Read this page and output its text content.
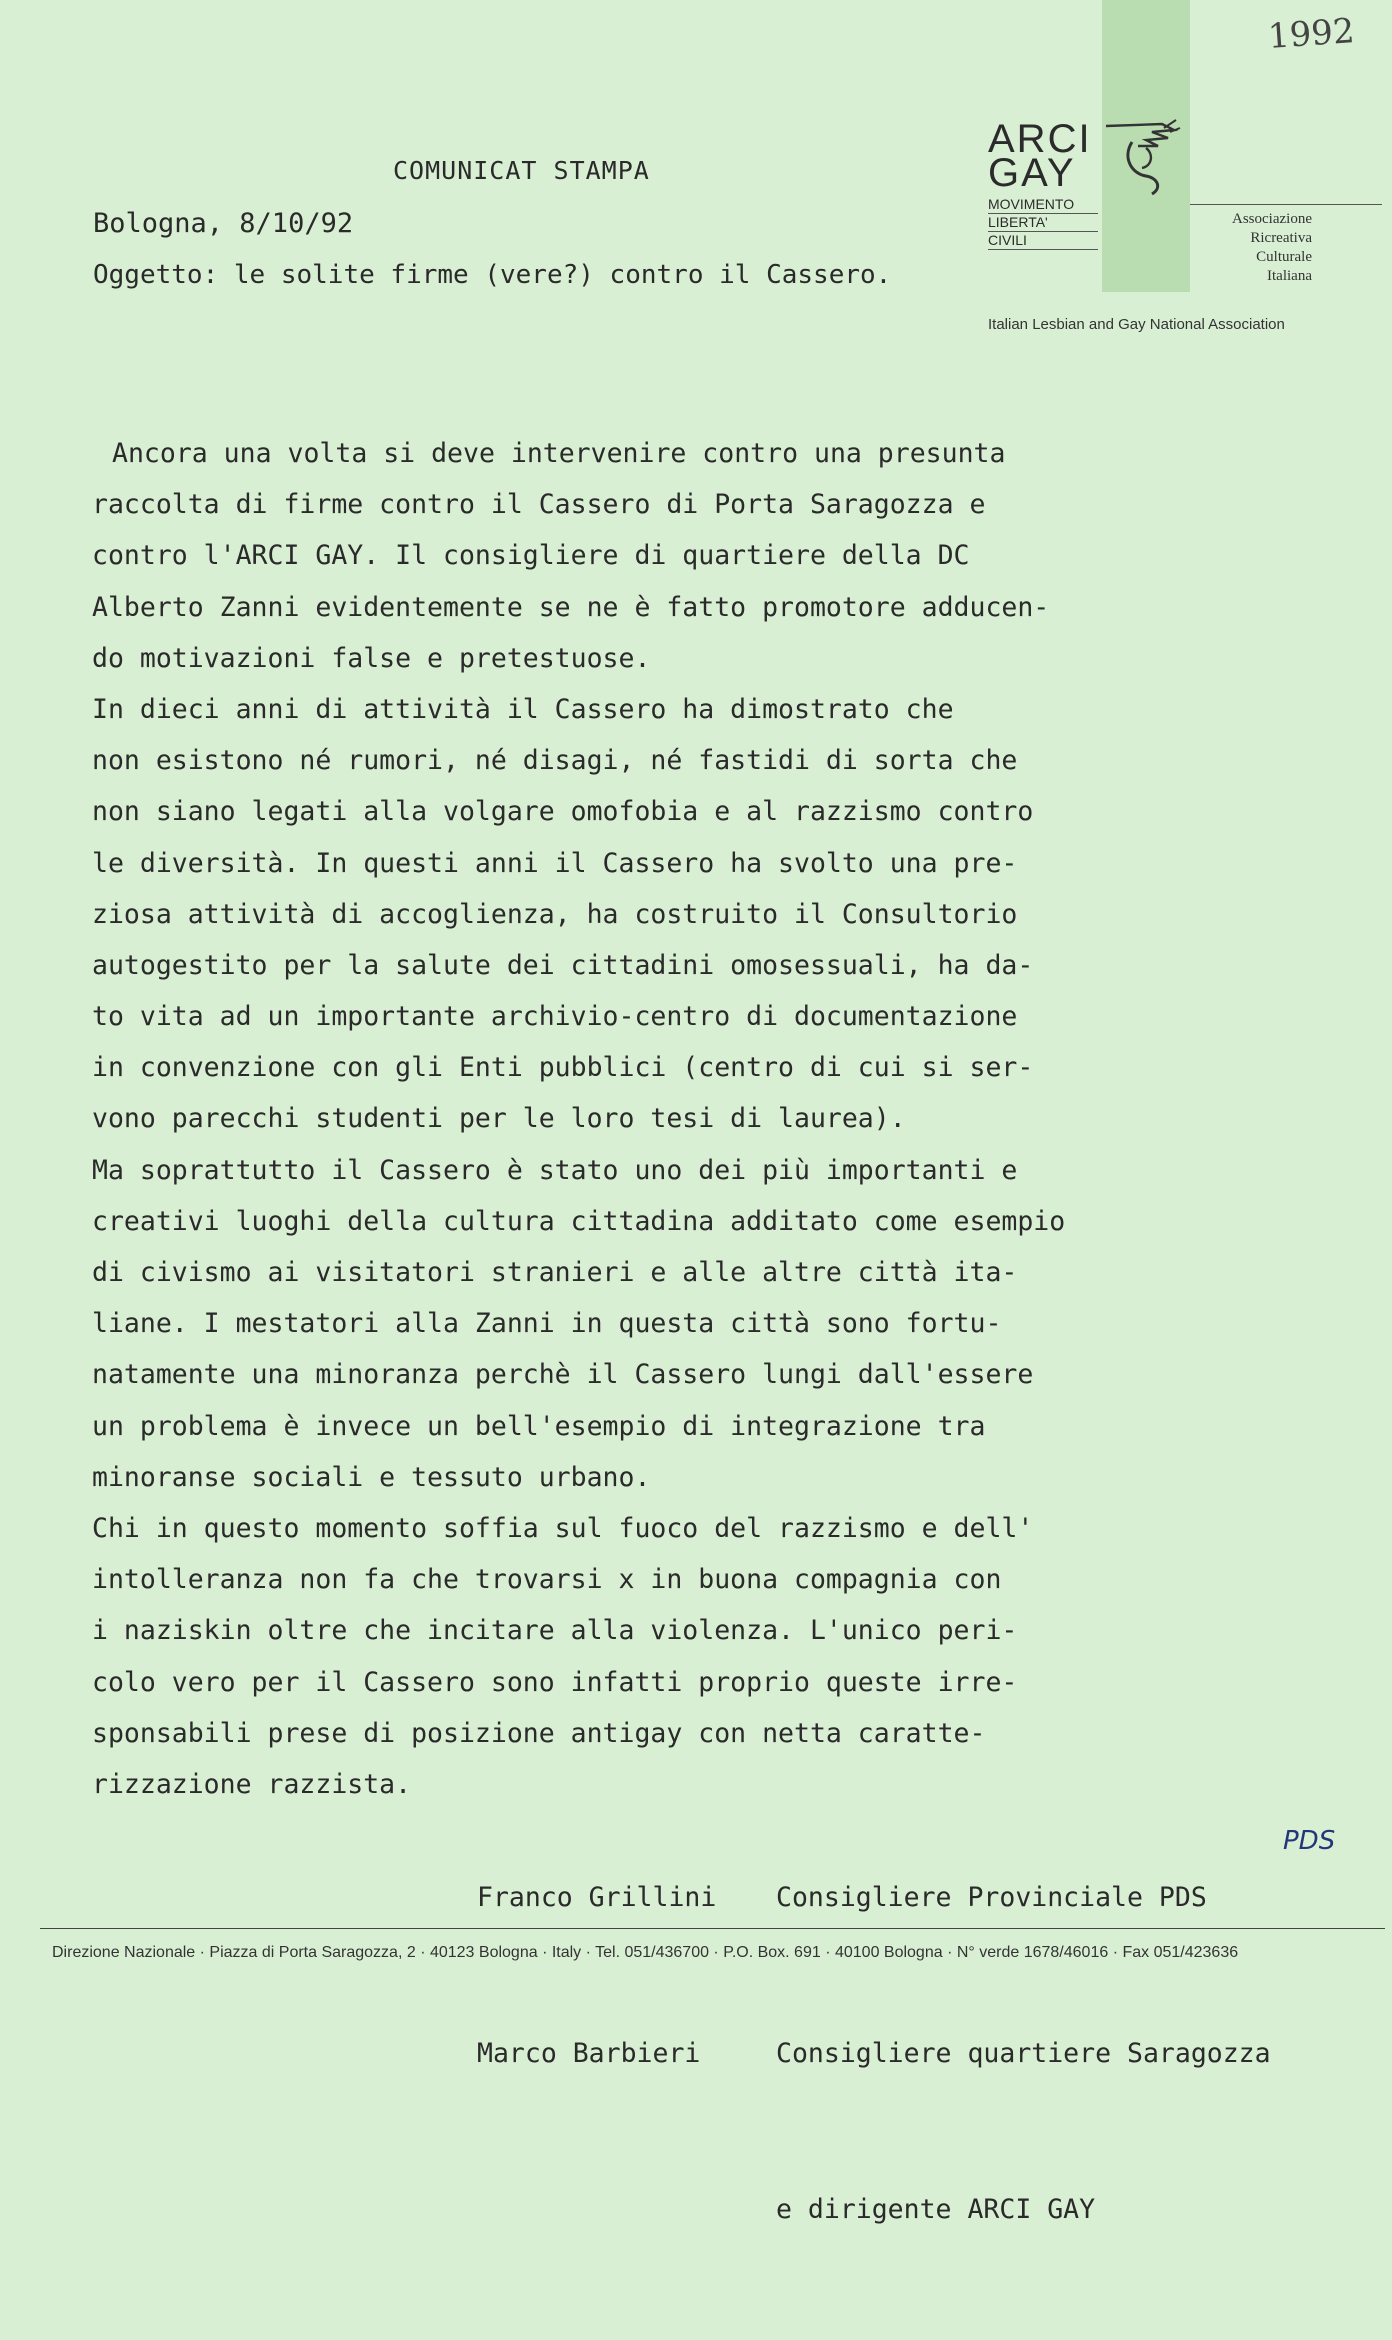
1992
ARCI
GAY
MOVIMENTO
LIBERTA'
CIVILI
Associazione
Ricreativa
Culturale
Italiana
Italian Lesbian and Gay National Association
COMUNICAT STAMPA
Bologna, 8/10/92
Oggetto: le solite firme (vere?) contro il Cassero.
Ancora una volta si deve intervenire contro una presunta
raccolta di firme contro il Cassero di Porta Saragozza e
contro l'ARCI GAY. Il consigliere di quartiere della DC
Alberto Zanni evidentemente se ne è fatto promotore adducen-
do motivazioni false e pretestuose.
In dieci anni di attività il Cassero ha dimostrato che
non esistono né rumori, né disagi, né fastidi di sorta che
non siano legati alla volgare omofobia e al razzismo contro
le diversità. In questi anni il Cassero ha svolto una pre-
ziosa attività di accoglienza, ha costruito il Consultorio
autogestito per la salute dei cittadini omosessuali, ha da-
to vita ad un importante archivio-centro di documentazione
in convenzione con gli Enti pubblici (centro di cui si ser-
vono parecchi studenti per le loro tesi di laurea).
Ma soprattutto il Cassero è stato uno dei più importanti e
creativi luoghi della cultura cittadina additato come esempio
di civismo ai visitatori stranieri e alle altre città ita-
liane. I mestatori alla Zanni in questa città sono fortu-
natamente una minoranza perchè il Cassero lungi dall'essere
un problema è invece un bell'esempio di integrazione tra
minoranse sociali e tessuto urbano.
Chi in questo momento soffia sul fuoco del razzismo e dell'
intolleranza non fa che trovarsi x in buona compagnia con
i naziskin oltre che incitare alla violenza. L'unico peri-
colo vero per il Cassero sono infatti proprio queste irre-
sponsabili prese di posizione antigay con netta caratte-
rizzazione razzista.

Franco Grillini

Marco Barbieri

Consigliere Provinciale PDS

Consigliere quartiere Saragozza

e dirigente ARCI GAY

PDS
Direzione Nazionale · Piazza di Porta Saragozza, 2 · 40123 Bologna · Italy · Tel. 051/436700 · P.O. Box. 691 · 40100 Bologna · N° verde 1678/46016 · Fax 051/423636
